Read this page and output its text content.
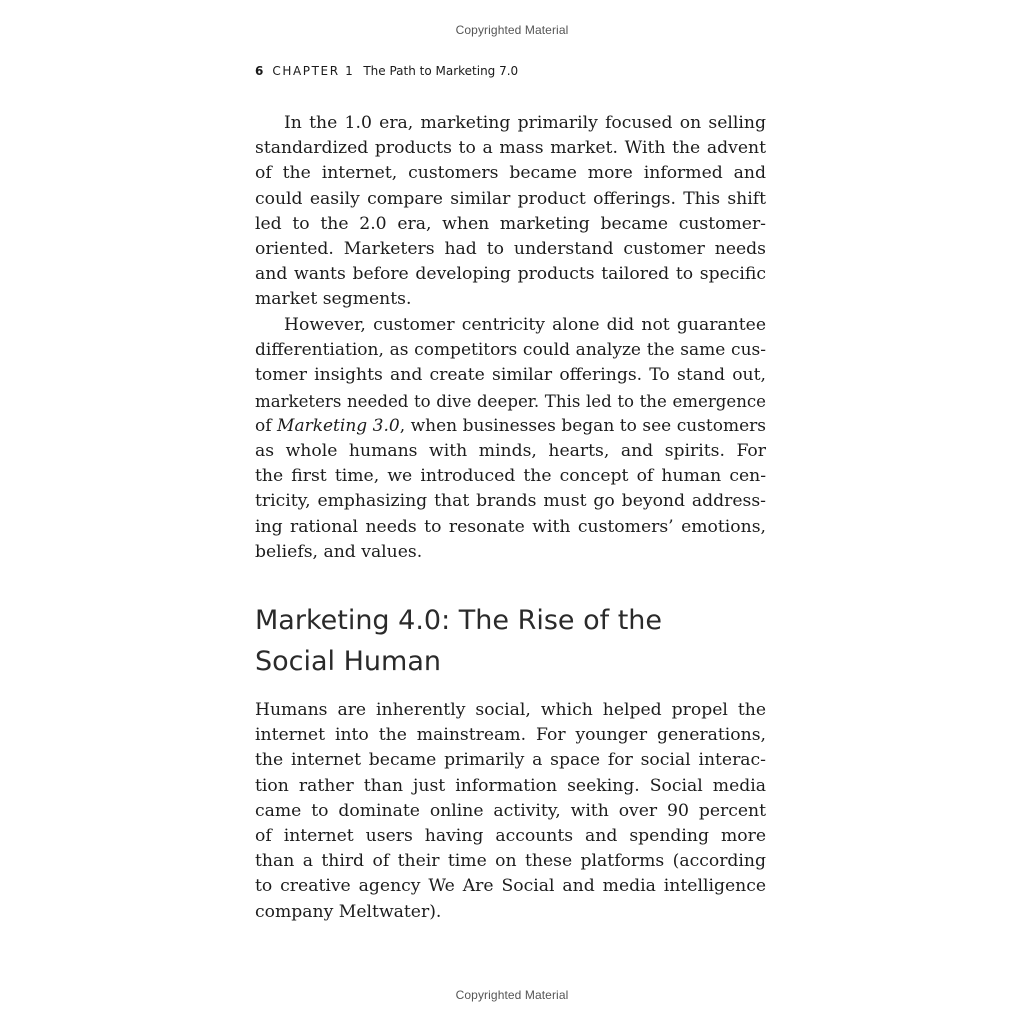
Copyrighted Material
6 CHAPTER 1 The Path to Marketing 7.0
In the 1.0 era, marketing primarily focused on selling
standardized products to a mass market. With the advent
of the internet, customers became more informed and
could easily compare similar product offerings. This shift
led to the 2.0 era, when marketing became customer-
oriented. Marketers had to understand customer needs
and wants before developing products tailored to specific
market segments.
However, customer centricity alone did not guarantee
differentiation, as competitors could analyze the same cus-
tomer insights and create similar offerings. To stand out,
marketers needed to dive deeper. This led to the emergence
of Marketing 3.0, when businesses began to see customers
as whole humans with minds, hearts, and spirits. For
the first time, we introduced the concept of human cen-
tricity, emphasizing that brands must go beyond address-
ing rational needs to resonate with customers’ emotions,
beliefs, and values.
Marketing 4.0: The Rise of the
Social Human
Humans are inherently social, which helped propel the
internet into the mainstream. For younger generations,
the internet became primarily a space for social interac-
tion rather than just information seeking. Social media
came to dominate online activity, with over 90 percent
of internet users having accounts and spending more
than a third of their time on these platforms (according
to creative agency We Are Social and media intelligence
company Meltwater).
Copyrighted Material
